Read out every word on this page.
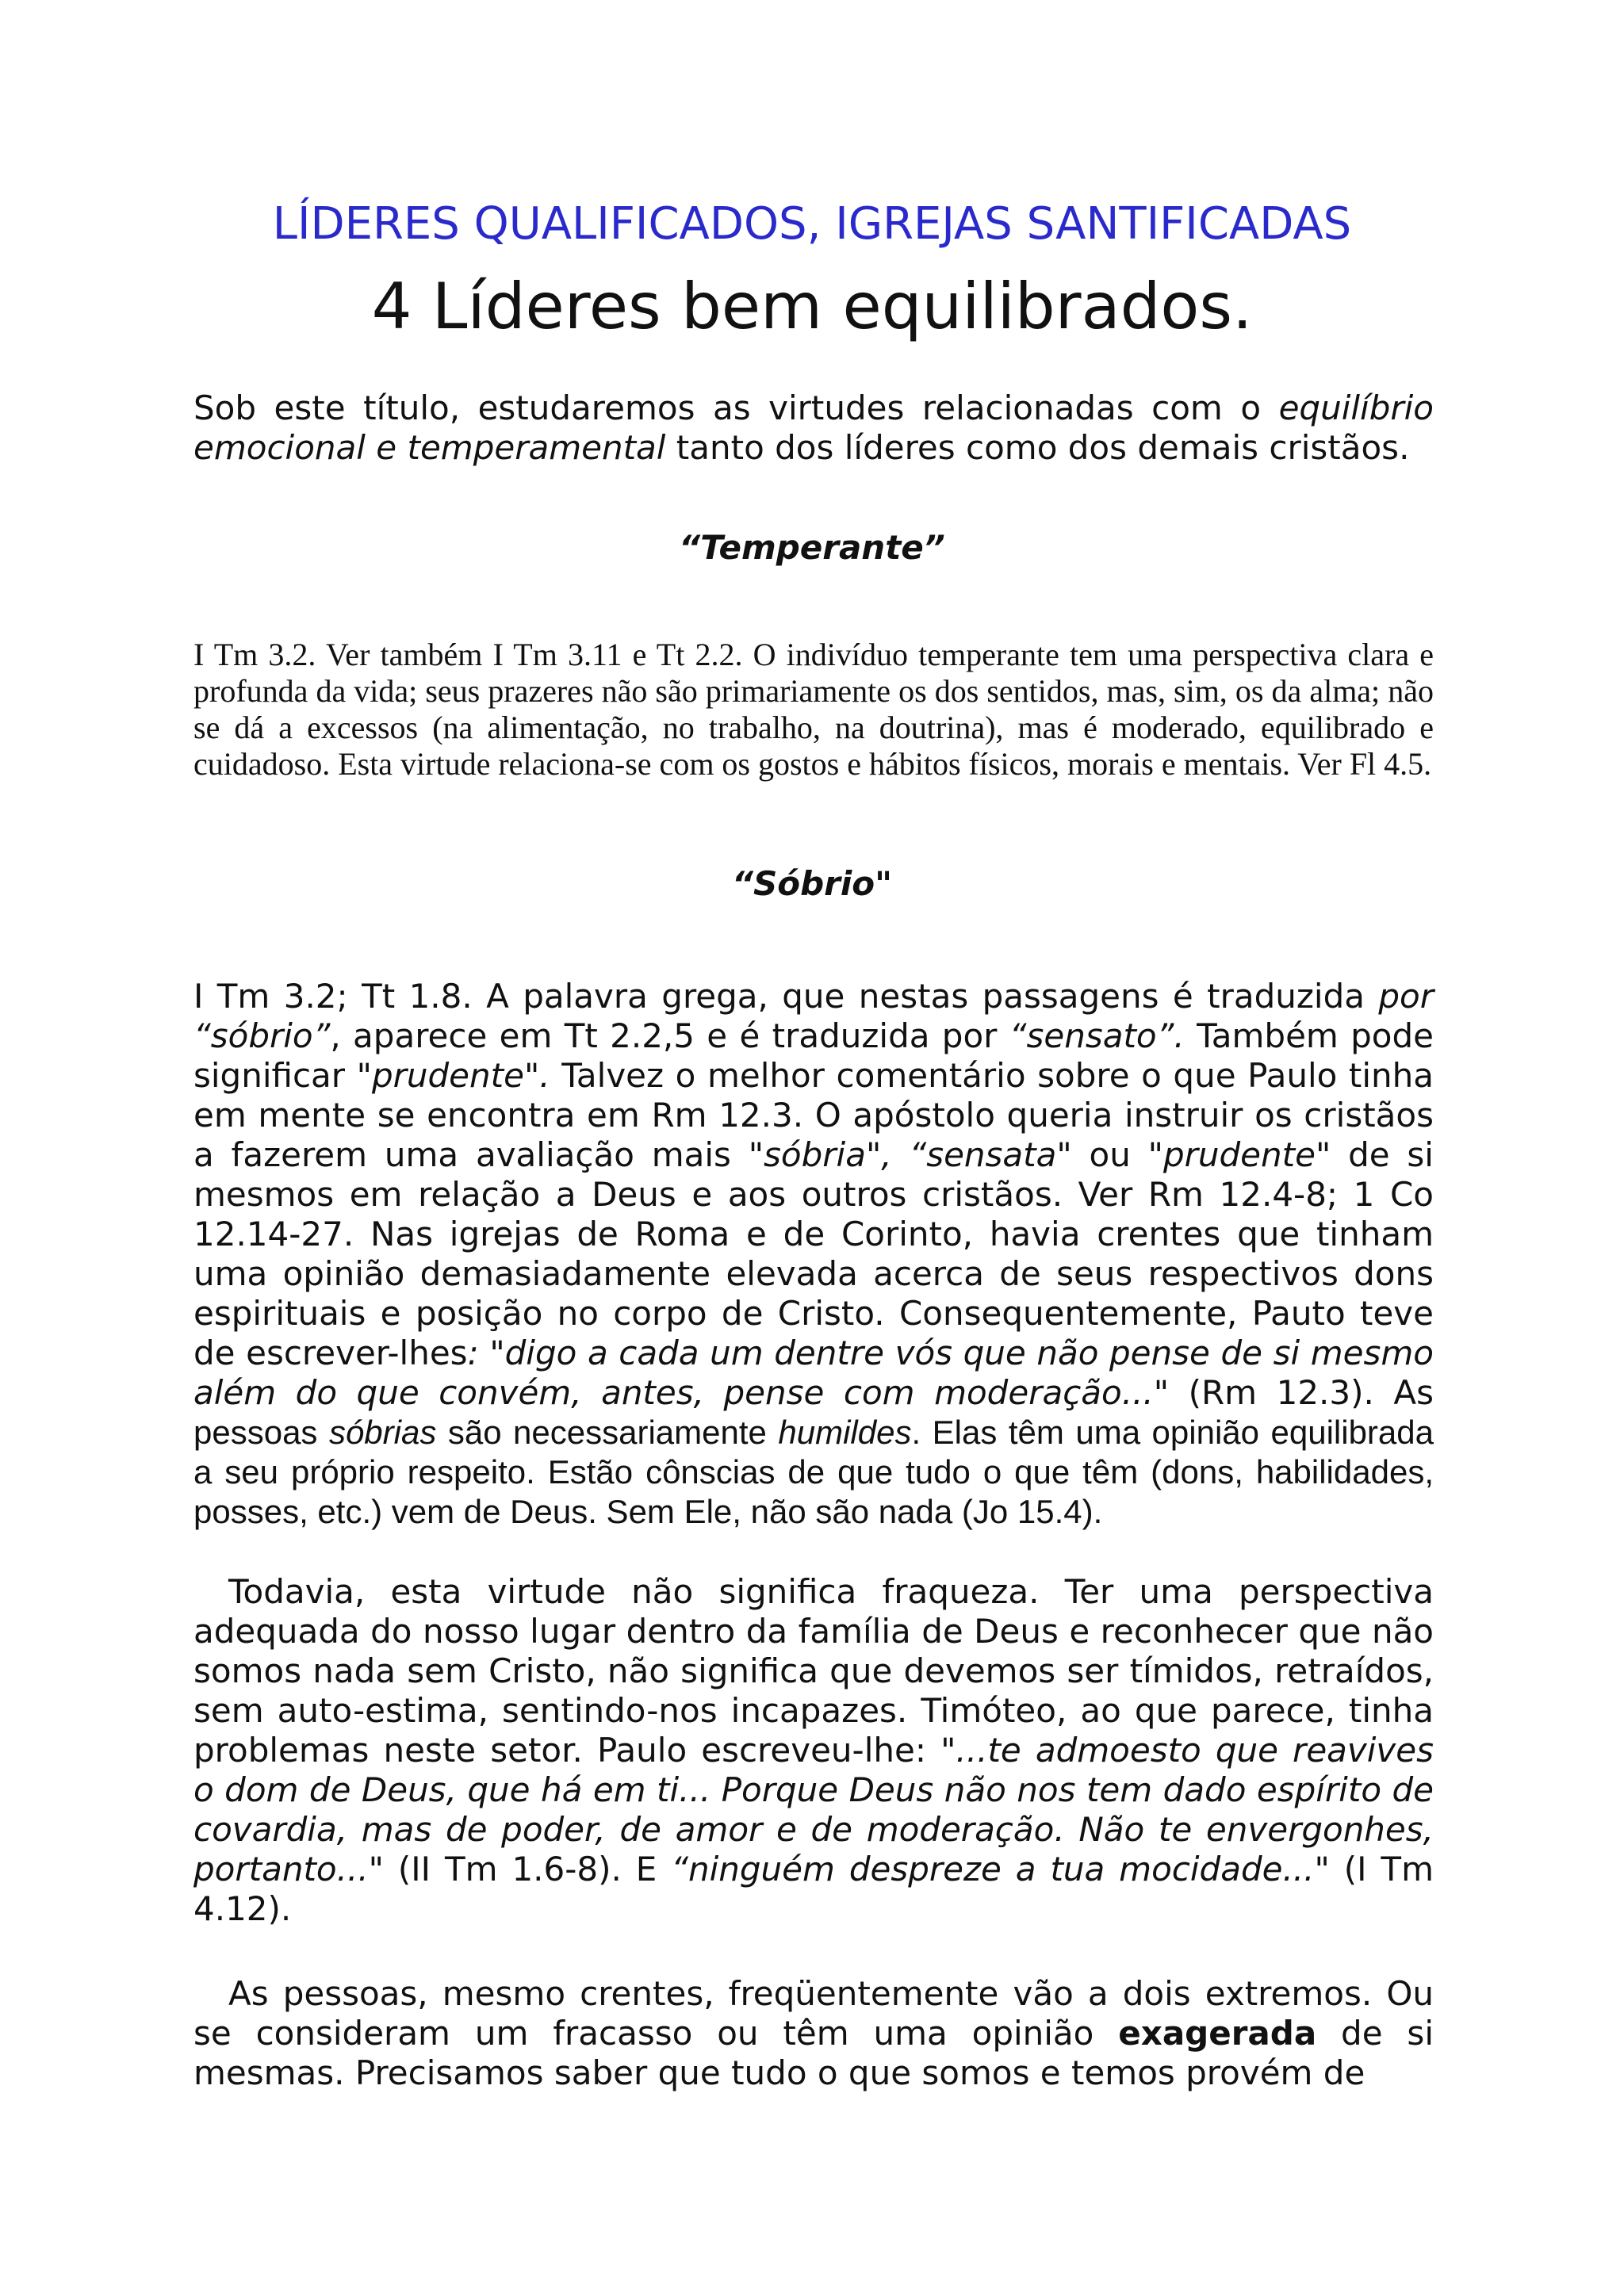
LÍDERES QUALIFICADOS, IGREJAS SANTIFICADAS
4 Líderes bem equilibrados.

Sob este título, estudaremos as virtudes relacionadas com o equilíbrio emocional e temperamental tanto dos líderes como dos demais cristãos.

“Temperante”

I Tm 3.2. Ver também I Tm 3.11 e Tt 2.2. O indivíduo temperante tem uma perspectiva clara e profunda da vida; seus prazeres não são primariamente os dos sentidos, mas, sim, os da alma; não se dá a excessos (na alimentação, no trabalho, na doutrina), mas é moderado, equilibrado e cuidadoso. Esta virtude relaciona-se com os gostos e hábitos físicos, morais e mentais. Ver Fl 4.5.

“Sóbrio"

I Tm 3.2; Tt 1.8. A palavra grega, que nestas passagens é traduzida por “sóbrio”, aparece em Tt 2.2,5 e é traduzida por “sensato”. Também pode significar "prudente". Talvez o melhor comentário sobre o que Paulo tinha em mente se encontra em Rm 12.3. O apóstolo queria instruir os cristãos a fazerem uma avaliação mais "sóbria", “sensata" ou "prudente" de si mesmos em relação a Deus e aos outros cristãos. Ver Rm 12.4-8; 1 Co 12.14-27. Nas igrejas de Roma e de Corinto, havia crentes que tinham uma opinião demasiadamente elevada acerca de seus respectivos dons espirituais e posição no corpo de Cristo. Consequentemente, Pauto teve de escrever-lhes: "digo a cada um dentre vós que não pense de si mesmo além do que convém, antes, pense com moderação..." (Rm 12.3). As pessoas sóbrias são necessariamente humildes. Elas têm uma opinião equilibrada a seu próprio respeito. Estão cônscias de que tudo o que têm (dons, habilidades, posses, etc.) vem de Deus. Sem Ele, não são nada (Jo 15.4).

Todavia, esta virtude não significa fraqueza. Ter uma perspectiva adequada do nosso lugar dentro da família de Deus e reconhecer que não somos nada sem Cristo, não significa que devemos ser tímidos, retraídos, sem auto-estima, sentindo-nos incapazes. Timóteo, ao que parece, tinha problemas neste setor. Paulo escreveu-lhe: "...te admoesto que reavives o dom de Deus, que há em ti... Porque Deus não nos tem dado espírito de covardia, mas de poder, de amor e de moderação. Não te envergonhes, portanto..." (II Tm 1.6-8). E “ninguém despreze a tua mocidade..." (I Tm 4.12).

As pessoas, mesmo crentes, freqüentemente vão a dois extremos. Ou se consideram um fracasso ou têm uma opinião exagerada de si mesmas. Precisamos saber que tudo o que somos e temos provém de
